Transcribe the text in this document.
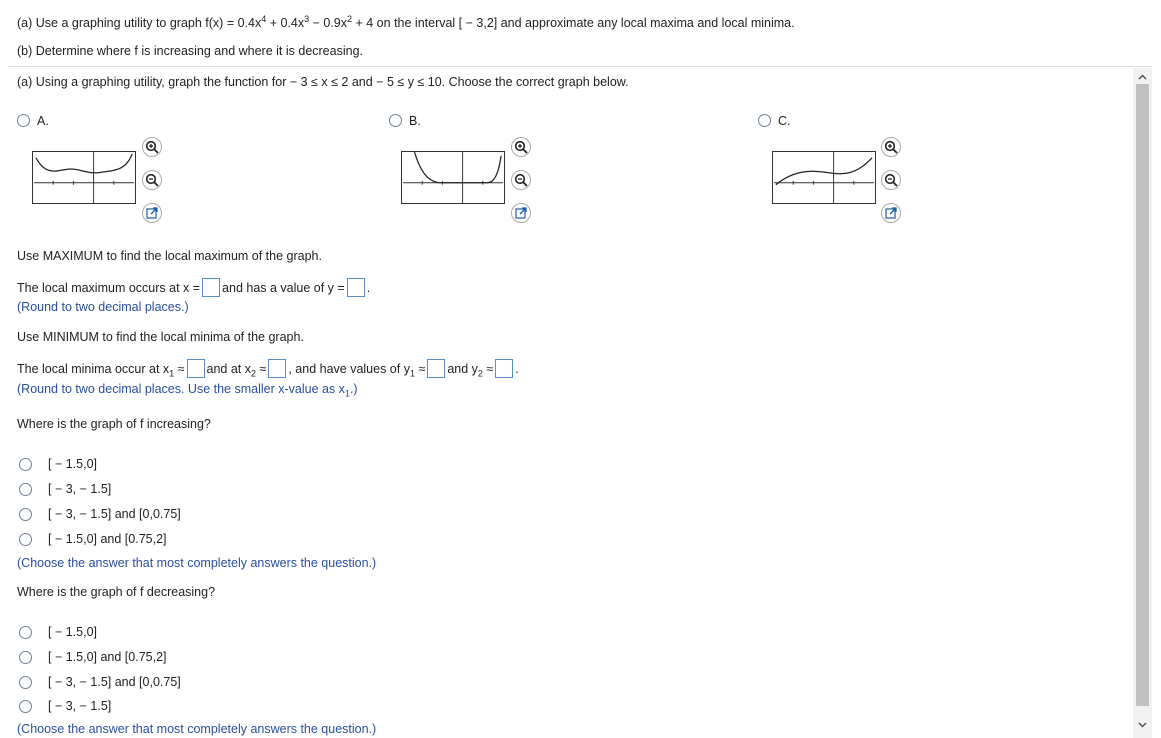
(a) Use a graphing utility to graph $f(x) = 0.4x^4 + 0.4x^3 - 0.9x^2 + 4$ on the interval [ − 3,2] and approximate any local maxima and local minima.
(b) Determine where f is increasing and where it is decreasing.
(a) Using a graphing utility, graph the function for − 3 ≤ x ≤ 2 and − 5 ≤ y ≤ 10. Choose the correct graph below.
A.	B.	C.
Use MAXIMUM to find the local maximum of the graph.
The local maximum occurs at x = and has a value of y = .
(Round to two decimal places.)
Use MINIMUM to find the local minima of the graph.
The local minima occur at $x_1$ ≈ and at $x_2$ ≈ , and have values of $y_1$ ≈ and $y_2$ ≈ .
(Round to two decimal places. Use the smaller x-value as $x_1$.)
Where is the graph of f increasing?
[ − 1.5,0]
[ − 3, − 1.5]
[ − 3, − 1.5] and [0,0.75]
[ − 1.5,0] and [0.75,2]
(Choose the answer that most completely answers the question.)
Where is the graph of f decreasing?
[ − 1.5,0]
[ − 1.5,0] and [0.75,2]
[ − 3, − 1.5] and [0,0.75]
[ − 3, − 1.5]
(Choose the answer that most completely answers the question.)
